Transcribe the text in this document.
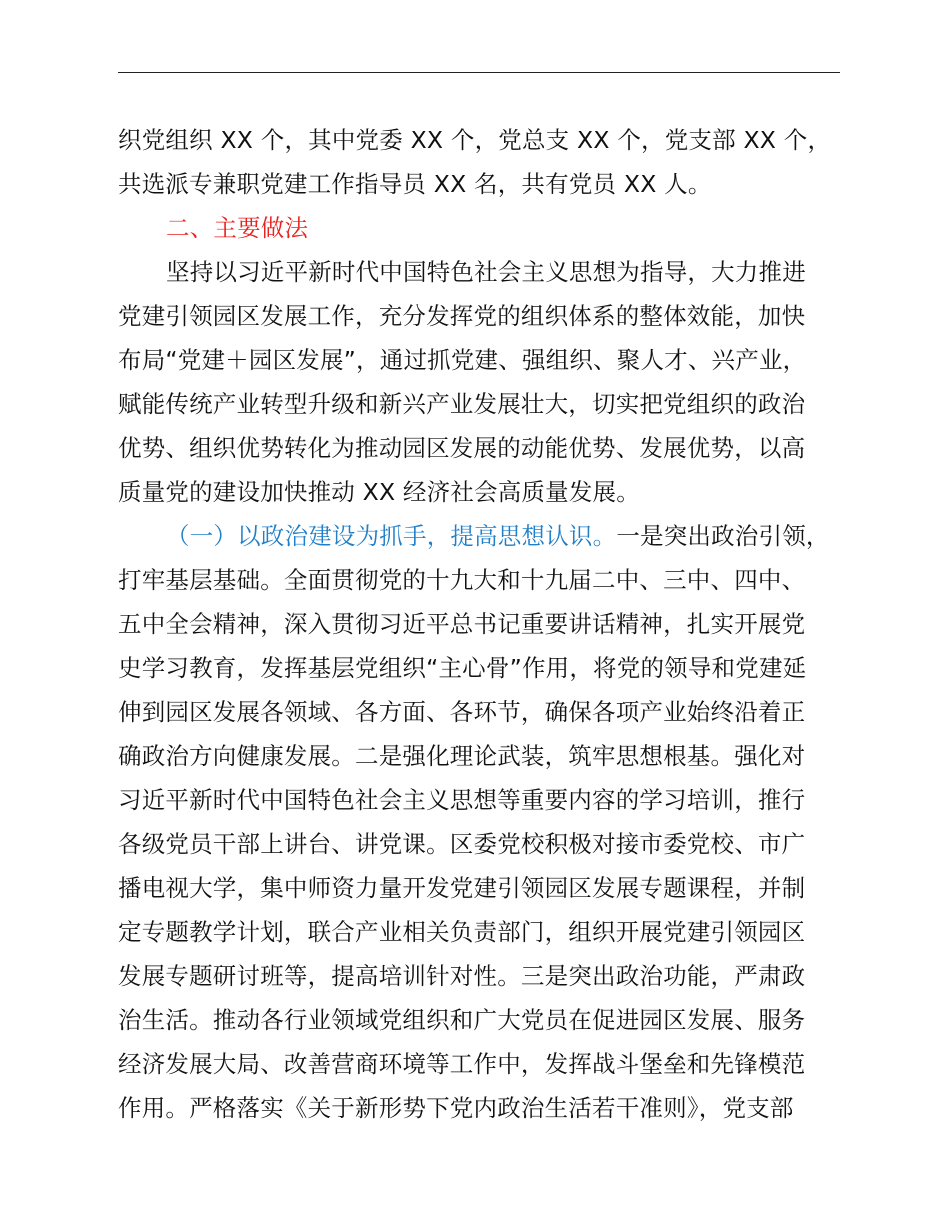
织党组织 XX 个，其中党委 XX 个，党总支 XX 个，党支部 XX 个，
共选派专兼职党建工作指导员 XX 名，共有党员 XX 人。
二、主要做法
坚持以习近平新时代中国特色社会主义思想为指导，大力推进
党建引领园区发展工作，充分发挥党的组织体系的整体效能，加快
布局“党建＋园区发展”，通过抓党建、强组织、聚人才、兴产业，
赋能传统产业转型升级和新兴产业发展壮大，切实把党组织的政治
优势、组织优势转化为推动园区发展的动能优势、发展优势，以高
质量党的建设加快推动 XX 经济社会高质量发展。
（一）以政治建设为抓手，提高思想认识。一是突出政治引领，
打牢基层基础。全面贯彻党的十九大和十九届二中、三中、四中、
五中全会精神，深入贯彻习近平总书记重要讲话精神，扎实开展党
史学习教育，发挥基层党组织“主心骨”作用，将党的领导和党建延
伸到园区发展各领域、各方面、各环节，确保各项产业始终沿着正
确政治方向健康发展。二是强化理论武装，筑牢思想根基。强化对
习近平新时代中国特色社会主义思想等重要内容的学习培训，推行
各级党员干部上讲台、讲党课。区委党校积极对接市委党校、市广
播电视大学，集中师资力量开发党建引领园区发展专题课程，并制
定专题教学计划，联合产业相关负责部门，组织开展党建引领园区
发展专题研讨班等，提高培训针对性。三是突出政治功能，严肃政
治生活。推动各行业领域党组织和广大党员在促进园区发展、服务
经济发展大局、改善营商环境等工作中，发挥战斗堡垒和先锋模范
作用。严格落实《关于新形势下党内政治生活若干准则》，党支部
